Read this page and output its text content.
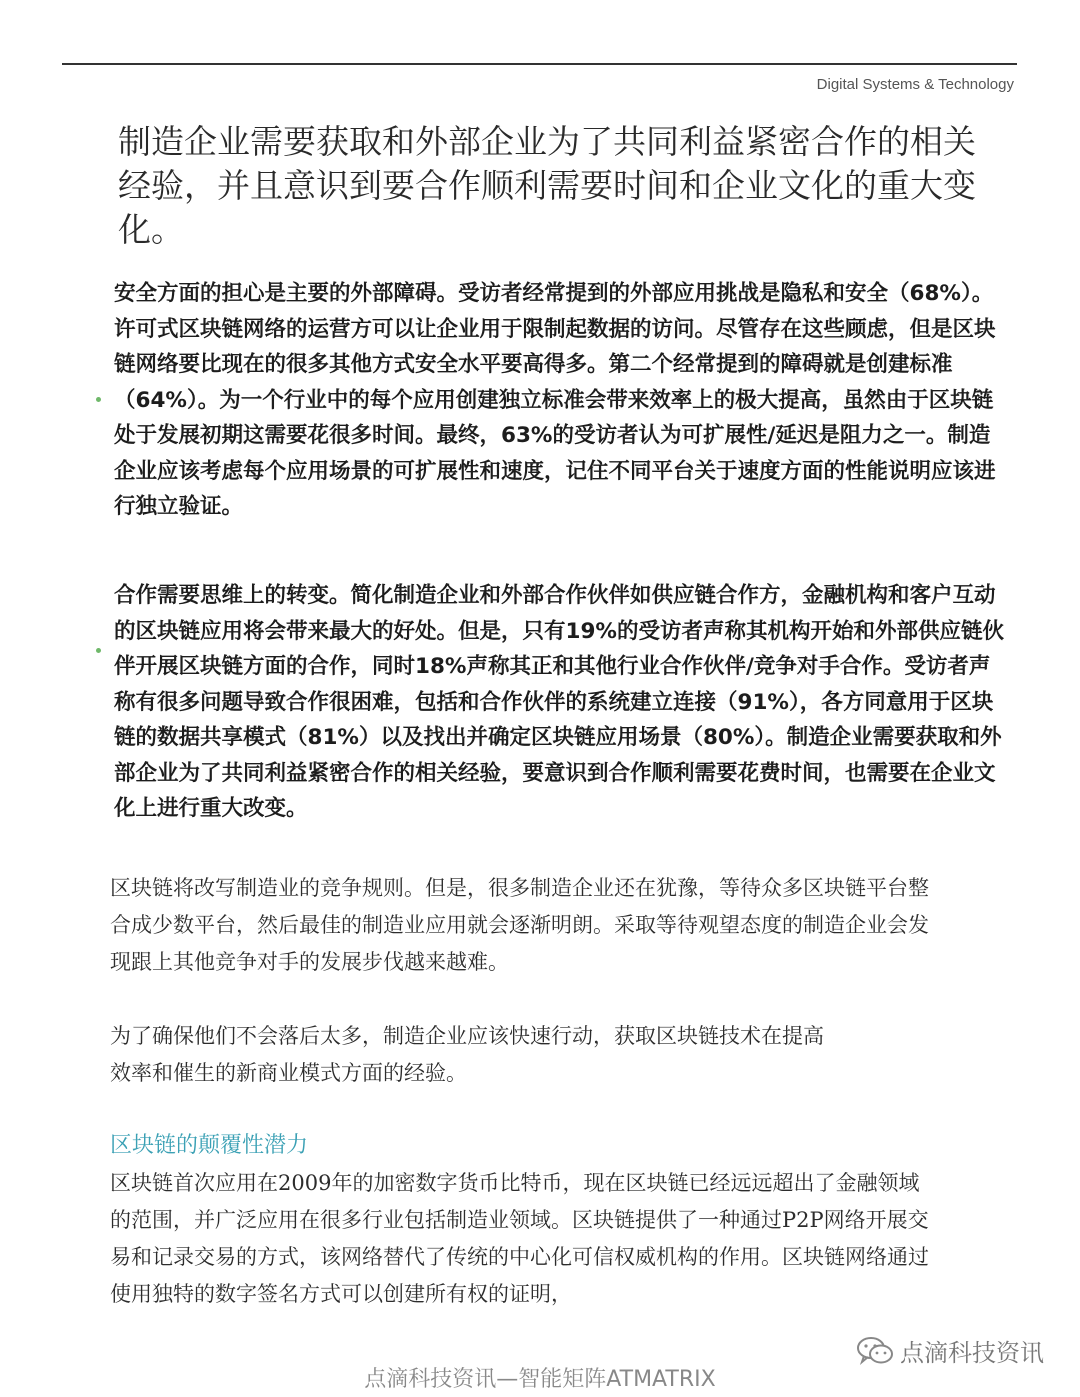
Digital Systems & Technology
制造企业需要获取和外部企业为了共同利益紧密合作的相关经验，并且意识到要合作顺利需要时间和企业文化的重大变化。

安全方面的担心是主要的外部障碍。受访者经常提到的外部应用挑战是隐私和安全（68%）。许可式区块链网络的运营方可以让企业用于限制起数据的访问。尽管存在这些顾虑，但是区块链网络要比现在的很多其他方式安全水平要高得多。第二个经常提到的障碍就是创建标准（64%）。为一个行业中的每个应用创建独立标准会带来效率上的极大提高，虽然由于区块链处于发展初期这需要花很多时间。最终，63%的受访者认为可扩展性/延迟是阻力之一。制造企业应该考虑每个应用场景的可扩展性和速度，记住不同平台关于速度方面的性能说明应该进行独立验证。

合作需要思维上的转变。简化制造企业和外部合作伙伴如供应链合作方，金融机构和客户互动的区块链应用将会带来最大的好处。但是，只有19%的受访者声称其机构开始和外部供应链伙伴开展区块链方面的合作，同时18%声称其正和其他行业合作伙伴/竞争对手合作。受访者声称有很多问题导致合作很困难，包括和合作伙伴的系统建立连接（91%），各方同意用于区块链的数据共享模式（81%）以及找出并确定区块链应用场景（80%）。制造企业需要获取和外部企业为了共同利益紧密合作的相关经验，要意识到合作顺利需要花费时间，也需要在企业文化上进行重大改变。

区块链将改写制造业的竞争规则。但是，很多制造企业还在犹豫，等待众多区块链平台整合成少数平台，然后最佳的制造业应用就会逐渐明朗。采取等待观望态度的制造企业会发现跟上其他竞争对手的发展步伐越来越难。

为了确保他们不会落后太多，制造企业应该快速行动，获取区块链技术在提高效率和催生的新商业模式方面的经验。

区块链的颠覆性潜力

区块链首次应用在2009年的加密数字货币比特币，现在区块链已经远远超出了金融领域的范围，并广泛应用在很多行业包括制造业领域。区块链提供了一种通过P2P网络开展交易和记录交易的方式，该网络替代了传统的中心化可信权威机构的作用。区块链网络通过使用独特的数字签名方式可以创建所有权的证明，

点滴科技资讯
点滴科技资讯—智能矩阵ATMATRIX
